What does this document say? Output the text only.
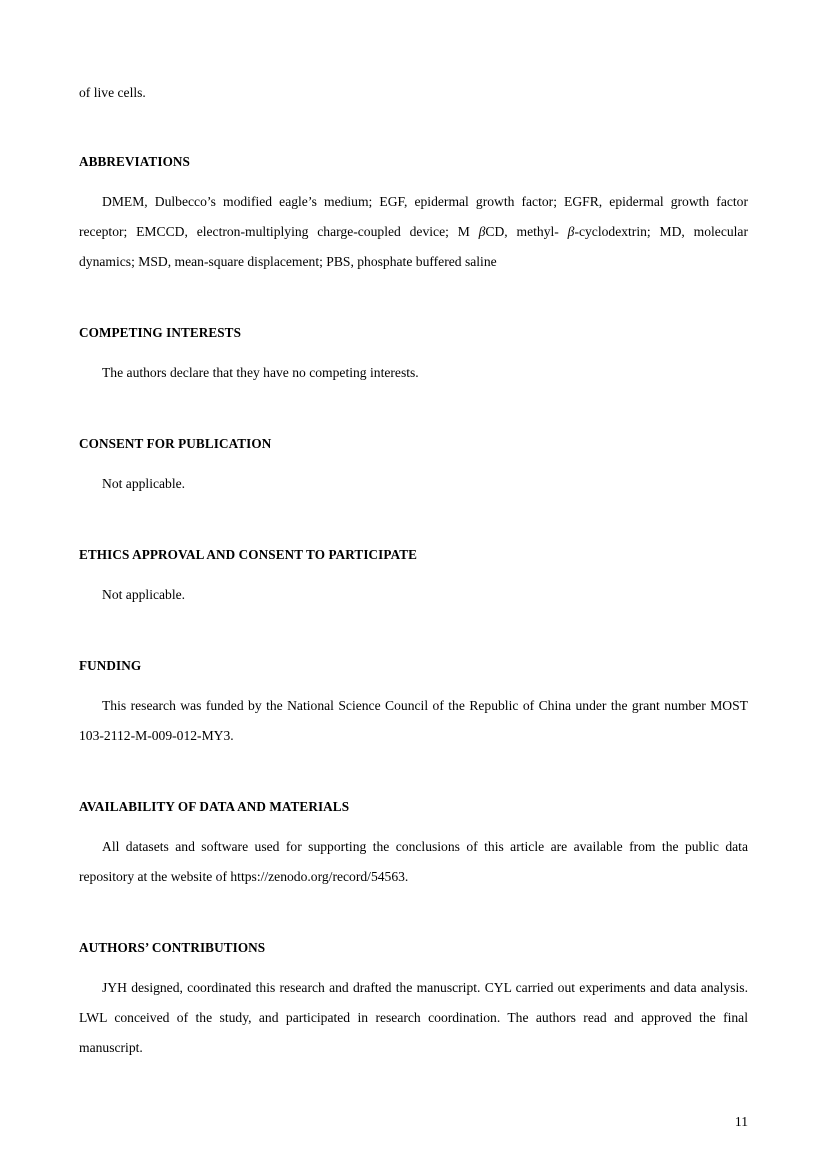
of live cells.

ABBREVIATIONS

DMEM, Dulbecco’s modified eagle’s medium; EGF, epidermal growth factor; EGFR, epidermal growth factor receptor; EMCCD, electron-multiplying charge-coupled device; M βCD, methyl- β-cyclodextrin; MD, molecular dynamics; MSD, mean-square displacement; PBS, phosphate buffered saline

COMPETING INTERESTS

The authors declare that they have no competing interests.

CONSENT FOR PUBLICATION

Not applicable.

ETHICS APPROVAL AND CONSENT TO PARTICIPATE

Not applicable.

FUNDING

This research was funded by the National Science Council of the Republic of China under the grant number MOST 103-2112-M-009-012-MY3.

AVAILABILITY OF DATA AND MATERIALS

All datasets and software used for supporting the conclusions of this article are available from the public data repository at the website of https://zenodo.org/record/54563.

AUTHORS’ CONTRIBUTIONS

JYH designed, coordinated this research and drafted the manuscript. CYL carried out experiments and data analysis. LWL conceived of the study, and participated in research coordination. The authors read and approved the final manuscript.

11
